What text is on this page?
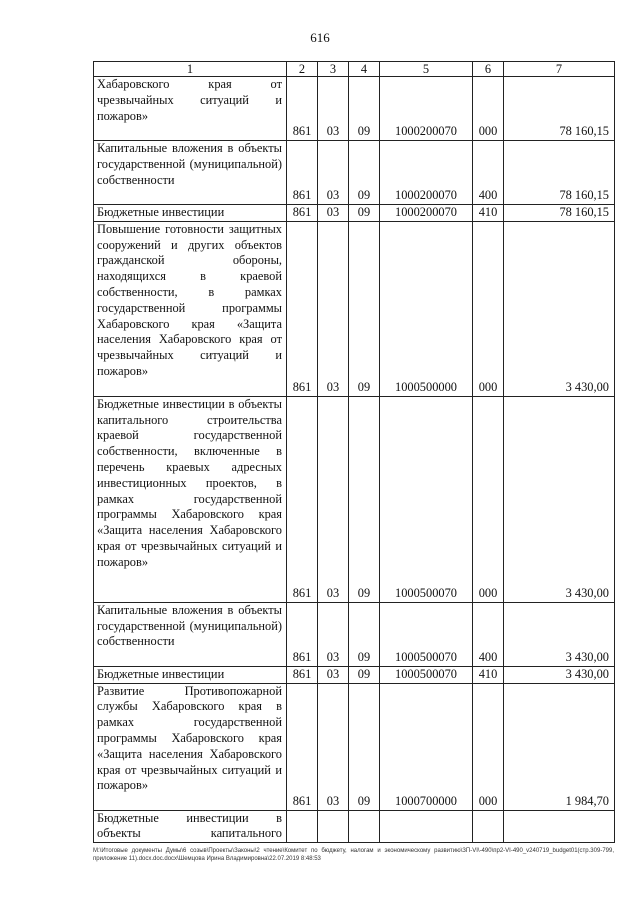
616
1	2	3	4	5	6	7
Хабаровского края от чрезвычайных ситуаций и пожаров»	861	03	09	1000200070	000	78 160,15
Капитальные вложения в объекты государственной (муниципальной) собственности	861	03	09	1000200070	400	78 160,15
Бюджетные инвестиции	861	03	09	1000200070	410	78 160,15
Повышение готовности защитных сооружений и других объектов гражданской обороны, находящихся в краевой собственности, в рамках государственной программы Хабаровского края «Защита населения Хабаровского края от чрезвычайных ситуаций и пожаров»	861	03	09	1000500000	000	3 430,00
Бюджетные инвестиции в объекты капитального строительства краевой государственной собственности, включенные в перечень краевых адресных инвестиционных проектов, в рамках государственной программы Хабаровского края «Защита населения Хабаровского края от чрезвычайных ситуаций и пожаров»	861	03	09	1000500070	000	3 430,00
Капитальные вложения в объекты государственной (муниципальной) собственности	861	03	09	1000500070	400	3 430,00
Бюджетные инвестиции	861	03	09	1000500070	410	3 430,00
Развитие Противопожарной службы Хабаровского края в рамках государственной программы Хабаровского края «Защита населения Хабаровского края от чрезвычайных ситуаций и пожаров»	861	03	09	1000700000	000	1 984,70

Бюджетные инвестиции в
объекты капитального						

M:\Итоговые документы Думы\6 созыв\Проекты\Законы\2 чтение\Комитет по бюджету, налогам и экономическому развитию\ЗП-VI\-490\пр2-VI-490_v240719_budget01(стр.309-799, приложение 11).docx.doc.docx\Шемцова Ирина Владимировна\22.07.2019 8:48:53
